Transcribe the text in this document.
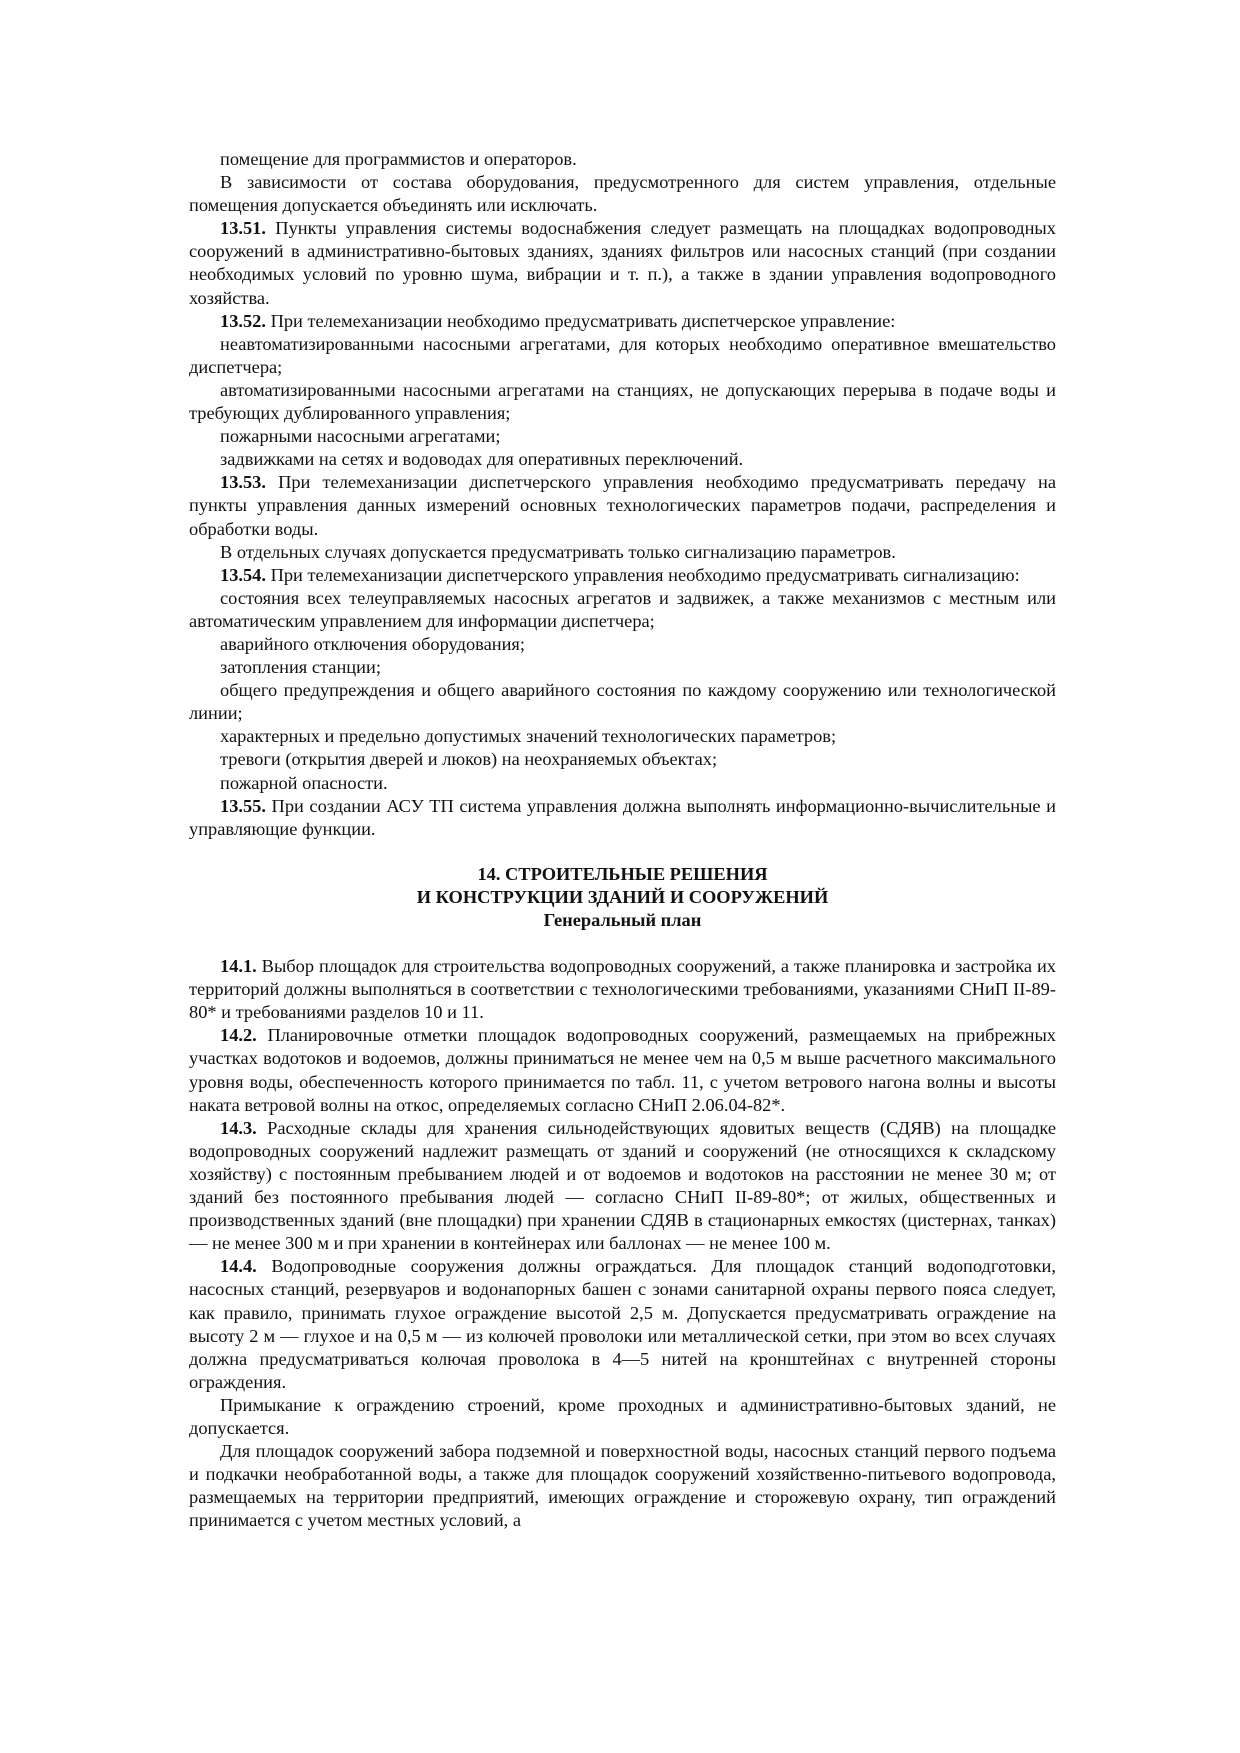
помещение для программистов и операторов.

В зависимости от состава оборудования, предусмотренного для систем управления, отдельные помещения допускается объединять или исключать.

13.51. Пункты управления системы водоснабжения следует размещать на площадках водопроводных сооружений в административно-бытовых зданиях, зданиях фильтров или насосных станций (при создании необходимых условий по уровню шума, вибрации и т. п.), а также в здании управления водопроводного хозяйства.

13.52. При телемеханизации необходимо предусматривать диспетчерское управление:

неавтоматизированными насосными агрегатами, для которых необходимо оперативное вмешательство диспетчера;

автоматизированными насосными агрегатами на станциях, не допускающих перерыва в подаче воды и требующих дублированного управления;

пожарными насосными агрегатами;

задвижками на сетях и водоводах для оперативных переключений.

13.53. При телемеханизации диспетчерского управления необходимо предусматривать передачу на пункты управления данных измерений основных технологических параметров подачи, распределения и обработки воды.

В отдельных случаях допускается предусматривать только сигнализацию параметров.

13.54. При телемеханизации диспетчерского управления необходимо предусматривать сигнализацию:

состояния всех телеуправляемых насосных агрегатов и задвижек, а также механизмов с местным или автоматическим управлением для информации диспетчера;

аварийного отключения оборудования;

затопления станции;

общего предупреждения и общего аварийного состояния по каждому сооружению или технологической линии;

характерных и предельно допустимых значений технологических параметров;

тревоги (открытия дверей и люков) на неохраняемых объектах;

пожарной опасности.

13.55. При создании АСУ ТП система управления должна выполнять информационно-вычислительные и управляющие функции.

14. СТРОИТЕЛЬНЫЕ РЕШЕНИЯ
И КОНСТРУКЦИИ ЗДАНИЙ И СООРУЖЕНИЙ
Генеральный план

14.1. Выбор площадок для строительства водопроводных сооружений, а также планировка и застройка их территорий должны выполняться в соответствии с технологическими требованиями, указаниями СНиП II-89-80* и требованиями разделов 10 и 11.

14.2. Планировочные отметки площадок водопроводных сооружений, размещаемых на прибрежных участках водотоков и водоемов, должны приниматься не менее чем на 0,5 м выше расчетного максимального уровня воды, обеспеченность которого принимается по табл. 11, с учетом ветрового нагона волны и высоты наката ветровой волны на откос, определяемых согласно СНиП 2.06.04-82*.

14.3. Расходные склады для хранения сильнодействующих ядовитых веществ (СДЯВ) на площадке водопроводных сооружений надлежит размещать от зданий и сооружений (не относящихся к складскому хозяйству) с постоянным пребыванием людей и от водоемов и водотоков на расстоянии не менее 30 м; от зданий без постоянного пребывания людей — согласно СНиП II-89-80*; от жилых, общественных и производственных зданий (вне площадки) при хранении СДЯВ в стационарных емкостях (цистернах, танках) — не менее 300 м и при хранении в контейнерах или баллонах — не менее 100 м.

14.4. Водопроводные сооружения должны ограждаться. Для площадок станций водоподготовки, насосных станций, резервуаров и водонапорных башен с зонами санитарной охраны первого пояса следует, как правило, принимать глухое ограждение высотой 2,5 м. Допускается предусматривать ограждение на высоту 2 м — глухое и на 0,5 м — из колючей проволоки или металлической сетки, при этом во всех случаях должна предусматриваться колючая проволока в 4—5 нитей на кронштейнах с внутренней стороны ограждения.

Примыкание к ограждению строений, кроме проходных и административно-бытовых зданий, не допускается.

Для площадок сооружений забора подземной и поверхностной воды, насосных станций первого подъема и подкачки необработанной воды, а также для площадок сооружений хозяйственно-питьевого водопровода, размещаемых на территории предприятий, имеющих ограждение и сторожевую охрану, тип ограждений принимается с учетом местных условий, а
